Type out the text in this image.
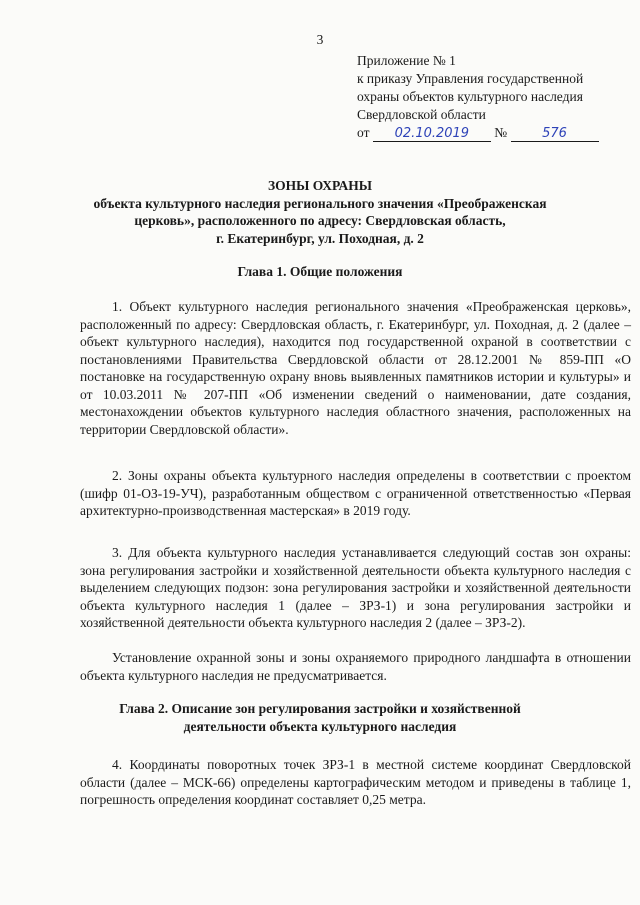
3
Приложение № 1
к приказу Управления государственной
охраны объектов культурного наследия
Свердловской области
от 02.10.2019 №	576
ЗОНЫ ОХРАНЫ
объекта культурного наследия регионального значения «Преображенская
церковь», расположенного по адресу: Свердловская область,
г. Екатеринбург, ул. Походная, д. 2
Глава 1. Общие положения

1. Объект культурного наследия регионального значения «Преображенская церковь», расположенный по адресу: Свердловская область, г. Екатеринбург, ул. Походная, д. 2 (далее – объект культурного наследия), находится под государственной охраной в соответствии с постановлениями Правительства Свердловской области от 28.12.2001 № 859-ПП «О постановке на государственную охрану вновь выявленных памятников истории и культуры» и от 10.03.2011 № 207-ПП «Об изменении сведений о наименовании, дате создания, местонахождении объектов культурного наследия областного значения, расположенных на территории Свердловской области».

2. Зоны охраны объекта культурного наследия определены в соответствии с проектом (шифр 01-ОЗ-19-УЧ), разработанным обществом с ограниченной ответственностью «Первая архитектурно-производственная мастерская» в 2019 году.

3. Для объекта культурного наследия устанавливается следующий состав зон охраны: зона регулирования застройки и хозяйственной деятельности объекта культурного наследия с выделением следующих подзон: зона регулирования застройки и хозяйственной деятельности объекта культурного наследия 1 (далее – ЗРЗ-1) и зона регулирования застройки и хозяйственной деятельности объекта культурного наследия 2 (далее – ЗРЗ-2).

Установление охранной зоны и зоны охраняемого природного ландшафта в отношении объекта культурного наследия не предусматривается.

Глава 2. Описание зон регулирования застройки и хозяйственной
деятельности объекта культурного наследия

4. Координаты поворотных точек ЗРЗ-1 в местной системе координат Свердловской области (далее – МСК-66) определены картографическим методом и приведены в таблице 1, погрешность определения координат составляет 0,25 метра.
